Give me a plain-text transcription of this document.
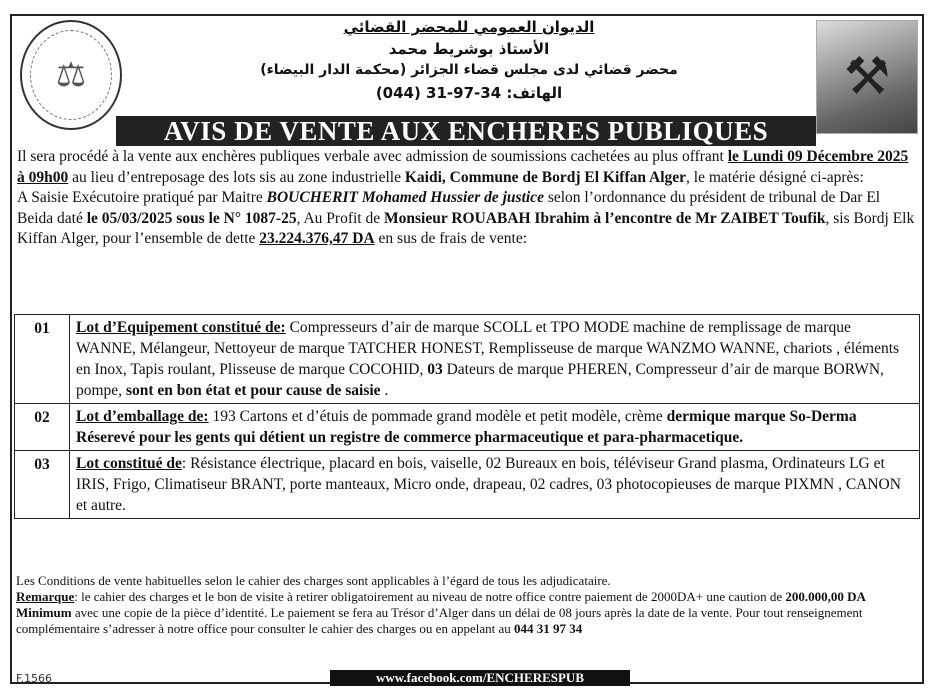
⚖
الديوان العمومي للمحضر القضائي
الأستاذ بوشريط محمد
محضر قضائي لدى مجلس قضاء الجزائر (محكمة الدار البيضاء)
الهاتف: (044) 31-97-34	⚒
AVIS DE VENTE AUX ENCHERES PUBLIQUES

Il sera procédé à la vente aux enchères publiques verbale avec admission de soumissions cachetées au plus offrant le Lundi 09 Décembre 2025 à 09h00 au lieu d’entreposage des lots sis au zone industrielle Kaidi, Commune de Bordj El Kiffan Alger, le matérie désigné ci-après:

A Saisie Exécutoire pratiqué par Maitre BOUCHERIT Mohamed Hussier de justice selon l’ordonnance du président de tribunal de Dar El Beida daté le 05/03/2025 sous le N° 1087-25, Au Profit de Monsieur ROUABAH Ibrahim à l’encontre de Mr ZAIBET Toufik, sis Bordj Elk Kiffan Alger, pour l’ensemble de dette 23.224.376,47 DA en sus de frais de vente:

01	Lot d’Equipement constitué de: Compresseurs d’air de marque SCOLL et TPO MODE machine de remplissage de marque WANNE, Mélangeur, Nettoyeur de marque TATCHER HONEST, Remplisseuse de marque WANZMO WANNE, chariots , éléments en Inox, Tapis roulant, Plisseuse de marque COCOHID, 03 Dateurs de marque PHEREN, Compresseur d’air de marque BORWN, pompe, sont en bon état et pour cause de saisie .
02	Lot d’emballage de: 193 Cartons et d’étuis de pommade grand modèle et petit modèle, crème dermique marque So-Derma Réserevé pour les gents qui détient un registre de commerce pharmaceutique et para-pharmacetique.
03	Lot constitué de: Résistance électrique, placard en bois, vaiselle, 02 Bureaux en bois, téléviseur Grand plasma, Ordinateurs LG et IRIS, Frigo, Climatiseur BRANT, porte manteaux, Micro onde, drapeau, 02 cadres, 03 photocopieuses de marque PIXMN , CANON et autre.

Les Conditions de vente habituelles selon le cahier des charges sont applicables à l’égard de tous les adjudicataire.

Remarque: le cahier des charges et le bon de visite à retirer obligatoirement au niveau de notre office contre paiement de 2000DA+ une caution de 200.000,00 DA Minimum avec une copie de la pièce d’identité. Le paiement se fera au Trésor d’Alger dans un délai de 08 jours après la date de la vente. Pour tout renseignement complémentaire s’adresser à notre office pour consulter le cahier des charges ou en appelant au 044 31 97 34

F.1566	www.facebook.com/ENCHERESPUB
